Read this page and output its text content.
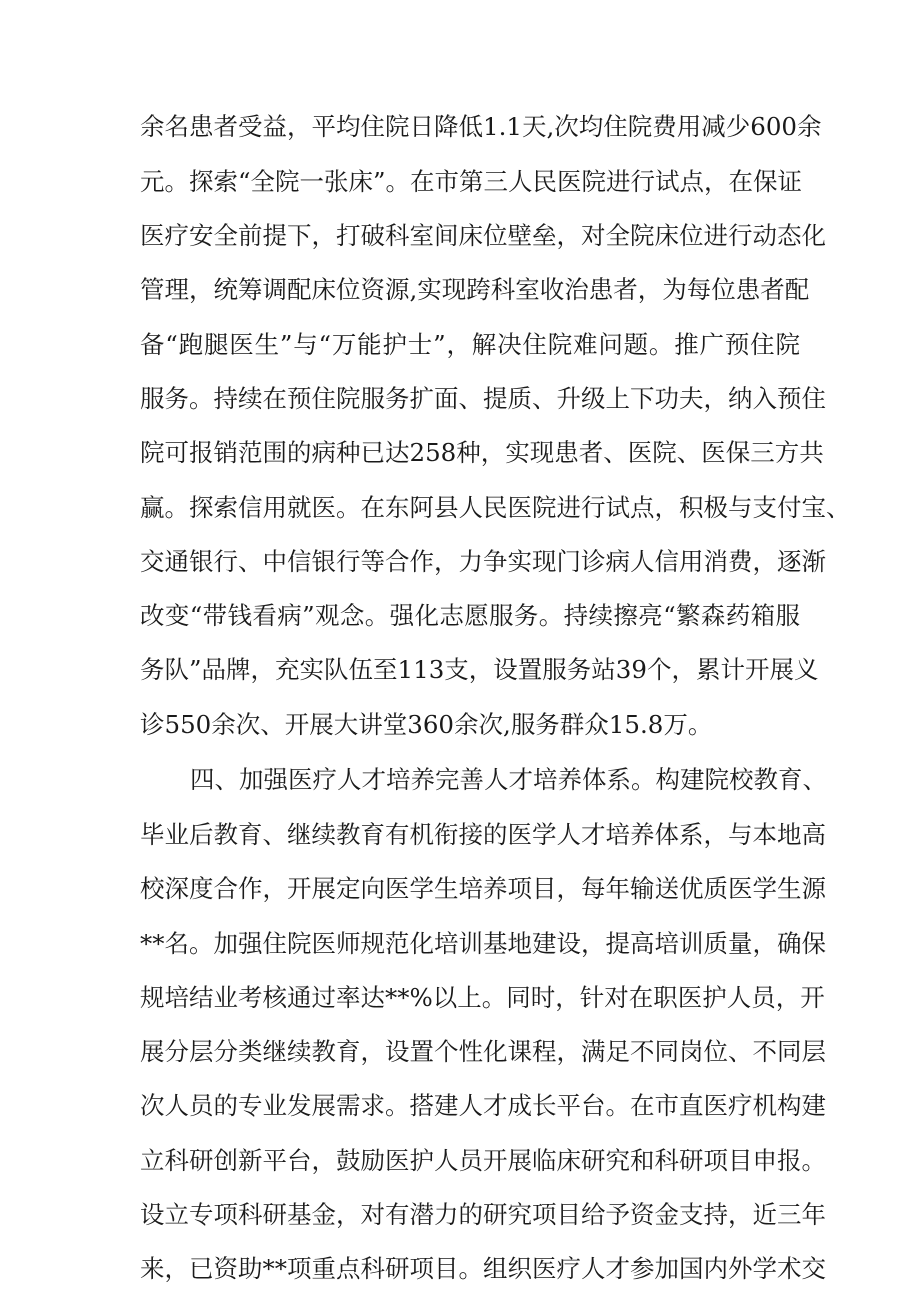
余名患者受益，平均住院日降低1.1天,次均住院费用减少600余
元。探索“全院一张床”。在市第三人民医院进行试点，在保证
医疗安全前提下，打破科室间床位壁垒，对全院床位进行动态化
管理，统筹调配床位资源,实现跨科室收治患者，为每位患者配
备“跑腿医生”与“万能护士”，解决住院难问题。推广预住院
服务。持续在预住院服务扩面、提质、升级上下功夫，纳入预住
院可报销范围的病种已达258种，实现患者、医院、医保三方共
赢。探索信用就医。在东阿县人民医院进行试点，积极与支付宝、
交通银行、中信银行等合作，力争实现门诊病人信用消费，逐渐
改变“带钱看病”观念。强化志愿服务。持续擦亮“繁森药箱服
务队”品牌，充实队伍至113支，设置服务站39个，累计开展义
诊550余次、开展大讲堂360余次,服务群众15.8万。
四、加强医疗人才培养完善人才培养体系。构建院校教育、
毕业后教育、继续教育有机衔接的医学人才培养体系，与本地高
校深度合作，开展定向医学生培养项目，每年输送优质医学生源
**名。加强住院医师规范化培训基地建设，提高培训质量，确保
规培结业考核通过率达**%以上。同时，针对在职医护人员，开
展分层分类继续教育，设置个性化课程，满足不同岗位、不同层
次人员的专业发展需求。搭建人才成长平台。在市直医疗机构建
立科研创新平台，鼓励医护人员开展临床研究和科研项目申报。
设立专项科研基金，对有潜力的研究项目给予资金支持，近三年
来，已资助**项重点科研项目。组织医疗人才参加国内外学术交
